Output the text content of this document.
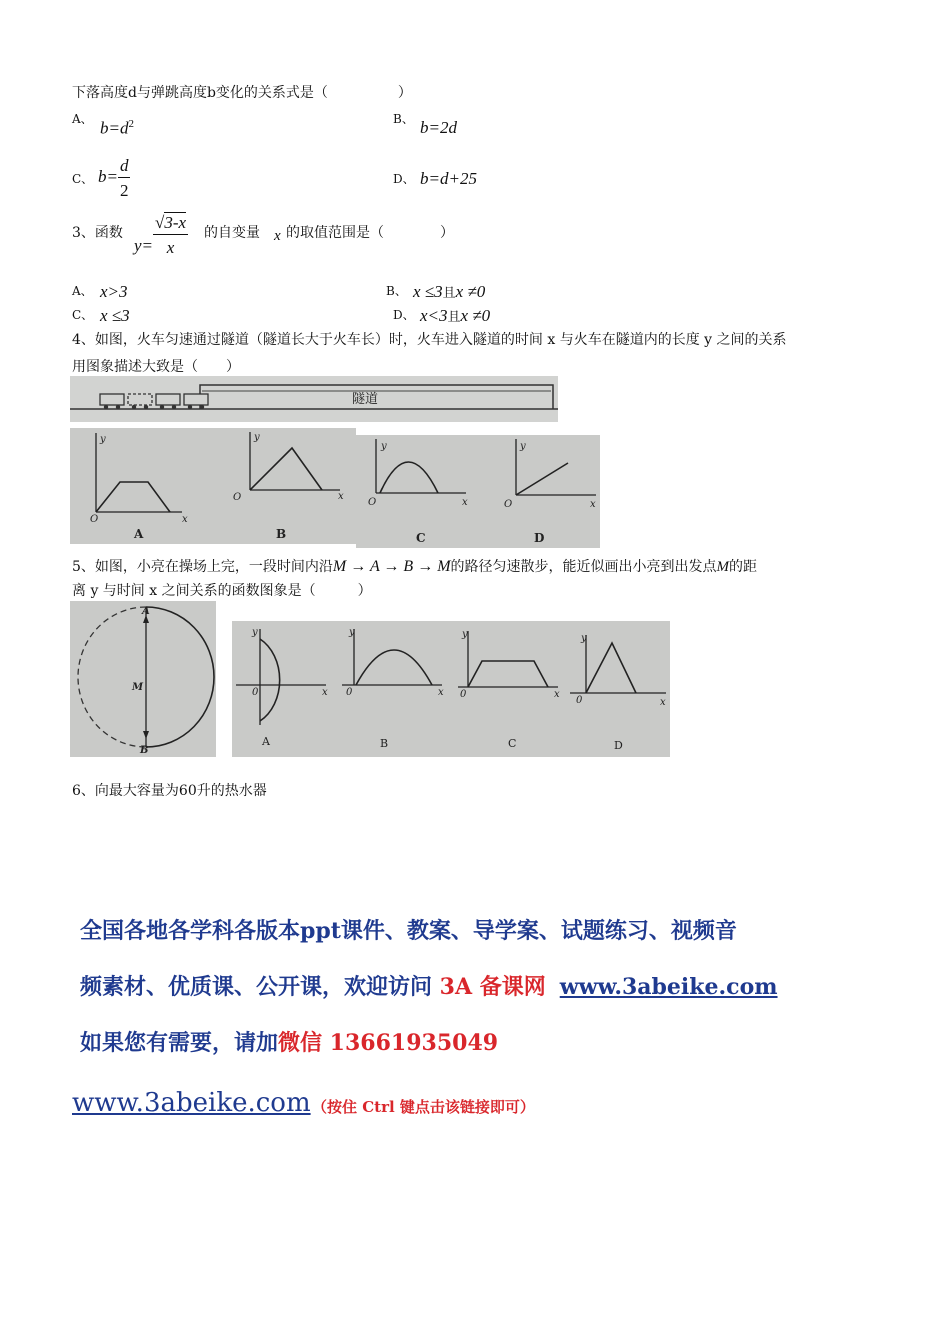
下落高度d与弹跳高度b变化的关系式是（　　　　　）
A、 $b=d^2$	B、 b=2d
C、 $b= \frac{d}{2}$	D、 b=d+25
3、函数
$y= \frac{√3-x}{x}$ 的自变量 x 的取值范围是（　　　　）
A、 x>3	B、 x ≤3且x ≠0
C、 x ≤3	D、 x<3且x ≠0
4、如图，火车匀速通过隧道（隧道长大于火车长）时，火车进入隧道的时间 x 与火车在隧道内的长度 y 之间的关系
用图象描述大致是（　　）
隧道
y
x
O
A
y
x
O
B
y
x
O
C
y
x
O
D
5、如图，小亮在操场上完，一段时间内沿M → A → B → M的路径匀速散步，能近似画出小亮到出发点M的距
离 y 与时间 x 之间关系的函数图象是（　　　）
A
M
B
y
x
0
A
y
x
0
B
y
x
0
C
y
x
0
D
6、向最大容量为60升的热水器
全国各地各学科各版本ppt课件、教案、导学案、试题练习、视频音
频素材、优质课、公开课，欢迎访问 3A 备课网 www.3abeike.com
如果您有需要，请加微信 13661935049
www.3abeike.com （按住 Ctrl 键点击该链接即可）
